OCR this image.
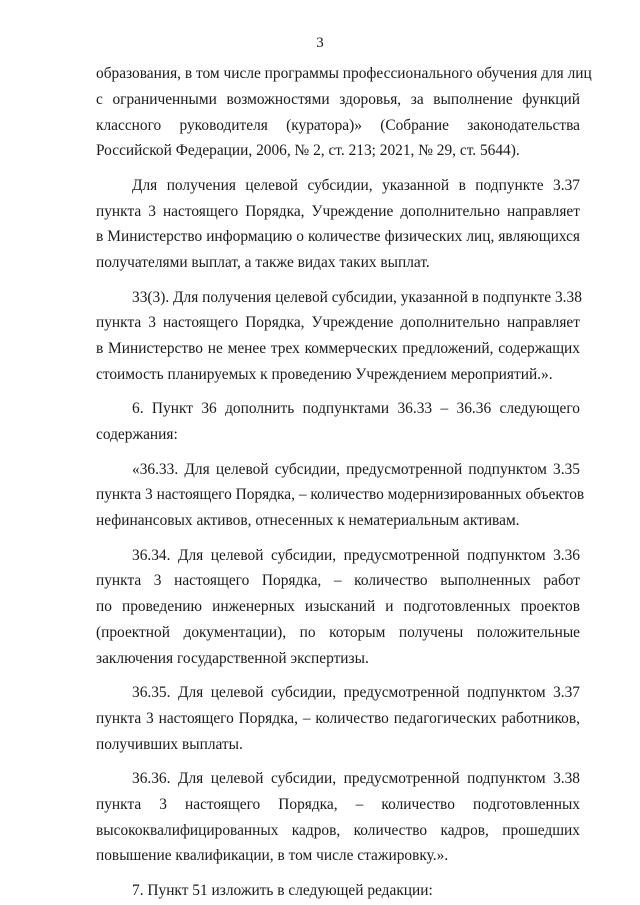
3
образования, в том числе программы профессионального обучения для лиц
с ограниченными возможностями здоровья, за выполнение функций
классного руководителя (куратора)» (Собрание законодательства
Российской Федерации, 2006, № 2, ст. 213; 2021, № 29, ст. 5644).
Для получения целевой субсидии, указанной в подпункте 3.37
пункта 3 настоящего Порядка, Учреждение дополнительно направляет
в Министерство информацию о количестве физических лиц, являющихся
получателями выплат, а также видах таких выплат.
33(3). Для получения целевой субсидии, указанной в подпункте 3.38
пункта 3 настоящего Порядка, Учреждение дополнительно направляет
в Министерство не менее трех коммерческих предложений, содержащих
стоимость планируемых к проведению Учреждением мероприятий.».
6. Пункт 36 дополнить подпунктами 36.33 – 36.36 следующего
содержания:
«36.33. Для целевой субсидии, предусмотренной подпунктом 3.35
пункта 3 настоящего Порядка, – количество модернизированных объектов
нефинансовых активов, отнесенных к нематериальным активам.
36.34. Для целевой субсидии, предусмотренной подпунктом 3.36
пункта 3 настоящего Порядка, – количество выполненных работ
по проведению инженерных изысканий и подготовленных проектов
(проектной документации), по которым получены положительные
заключения государственной экспертизы.
36.35. Для целевой субсидии, предусмотренной подпунктом 3.37
пункта 3 настоящего Порядка, – количество педагогических работников,
получивших выплаты.
36.36. Для целевой субсидии, предусмотренной подпунктом 3.38
пункта 3 настоящего Порядка, – количество подготовленных
высококвалифицированных кадров, количество кадров, прошедших
повышение квалификации, в том числе стажировку.».
7. Пункт 51 изложить в следующей редакции:
